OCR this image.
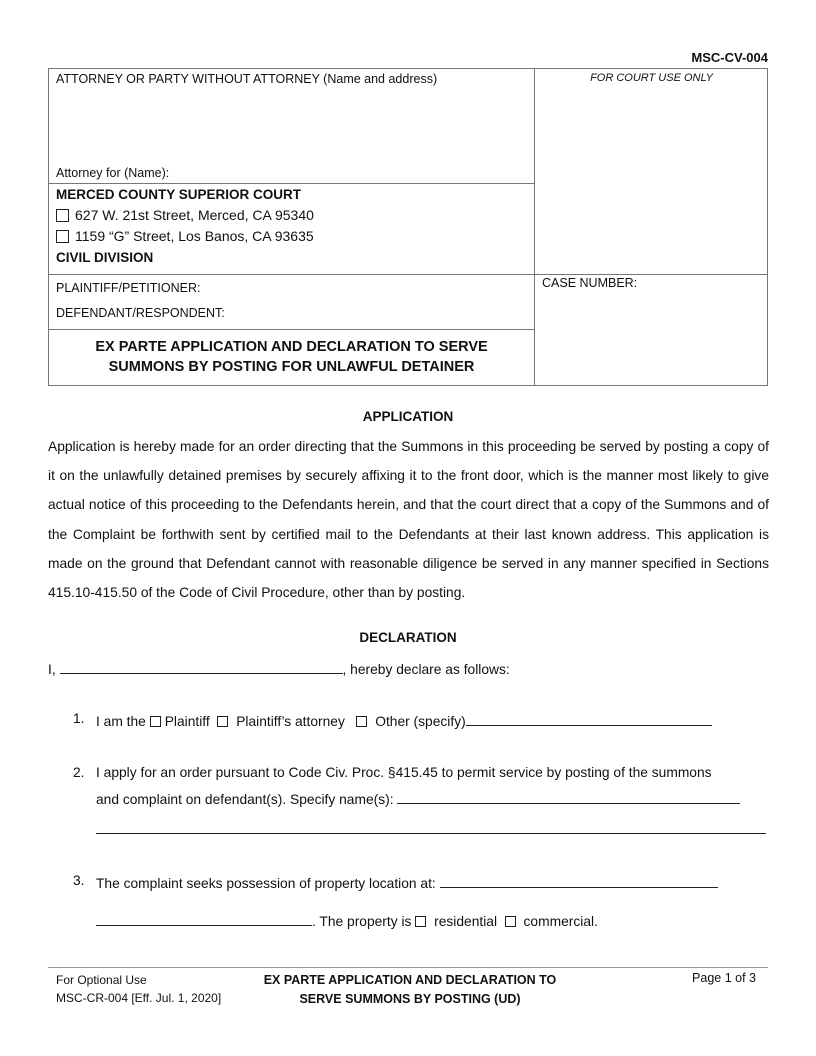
MSC-CV-004
ATTORNEY OR PARTY WITHOUT ATTORNEY (Name and address)	FOR COURT USE ONLY
Attorney for (Name):
MERCED COUNTY SUPERIOR COURT
627 W. 21st Street, Merced, CA 95340
1159 “G” Street, Los Banos, CA 93635
CIVIL DIVISION
PLAINTIFF/PETITIONER:
DEFENDANT/RESPONDENT:
CASE NUMBER:
EX PARTE APPLICATION AND DECLARATION TO SERVE
SUMMONS BY POSTING FOR UNLAWFUL DETAINER
APPLICATION
Application is hereby made for an order directing that the Summons in this proceeding be served by posting a copy of it on the unlawfully detained premises by securely affixing it to the front door, which is the manner most likely to give actual notice of this proceeding to the Defendants herein, and that the court direct that a copy of the Summons and of the Complaint be forthwith sent by certified mail to the Defendants at their last known address. This application is made on the ground that Defendant cannot with reasonable diligence be served in any manner specified in Sections 415.10-415.50 of the Code of Civil Procedure, other than by posting.
DECLARATION
I,	, hereby declare as follows:
1. I am the Plaintiff Plaintiff’s attorney Other (specify)
2. I apply for an order pursuant to Code Civ. Proc. §415.45 to permit service by posting of the summons
and complaint on defendant(s). Specify name(s):
3. The complaint seeks possession of property location at:
. The property is residential commercial.
For Optional Use
MSC-CR-004 [Eff. Jul. 1, 2020]
EX PARTE APPLICATION AND DECLARATION TO
SERVE SUMMONS BY POSTING (UD)
Page 1 of 3
